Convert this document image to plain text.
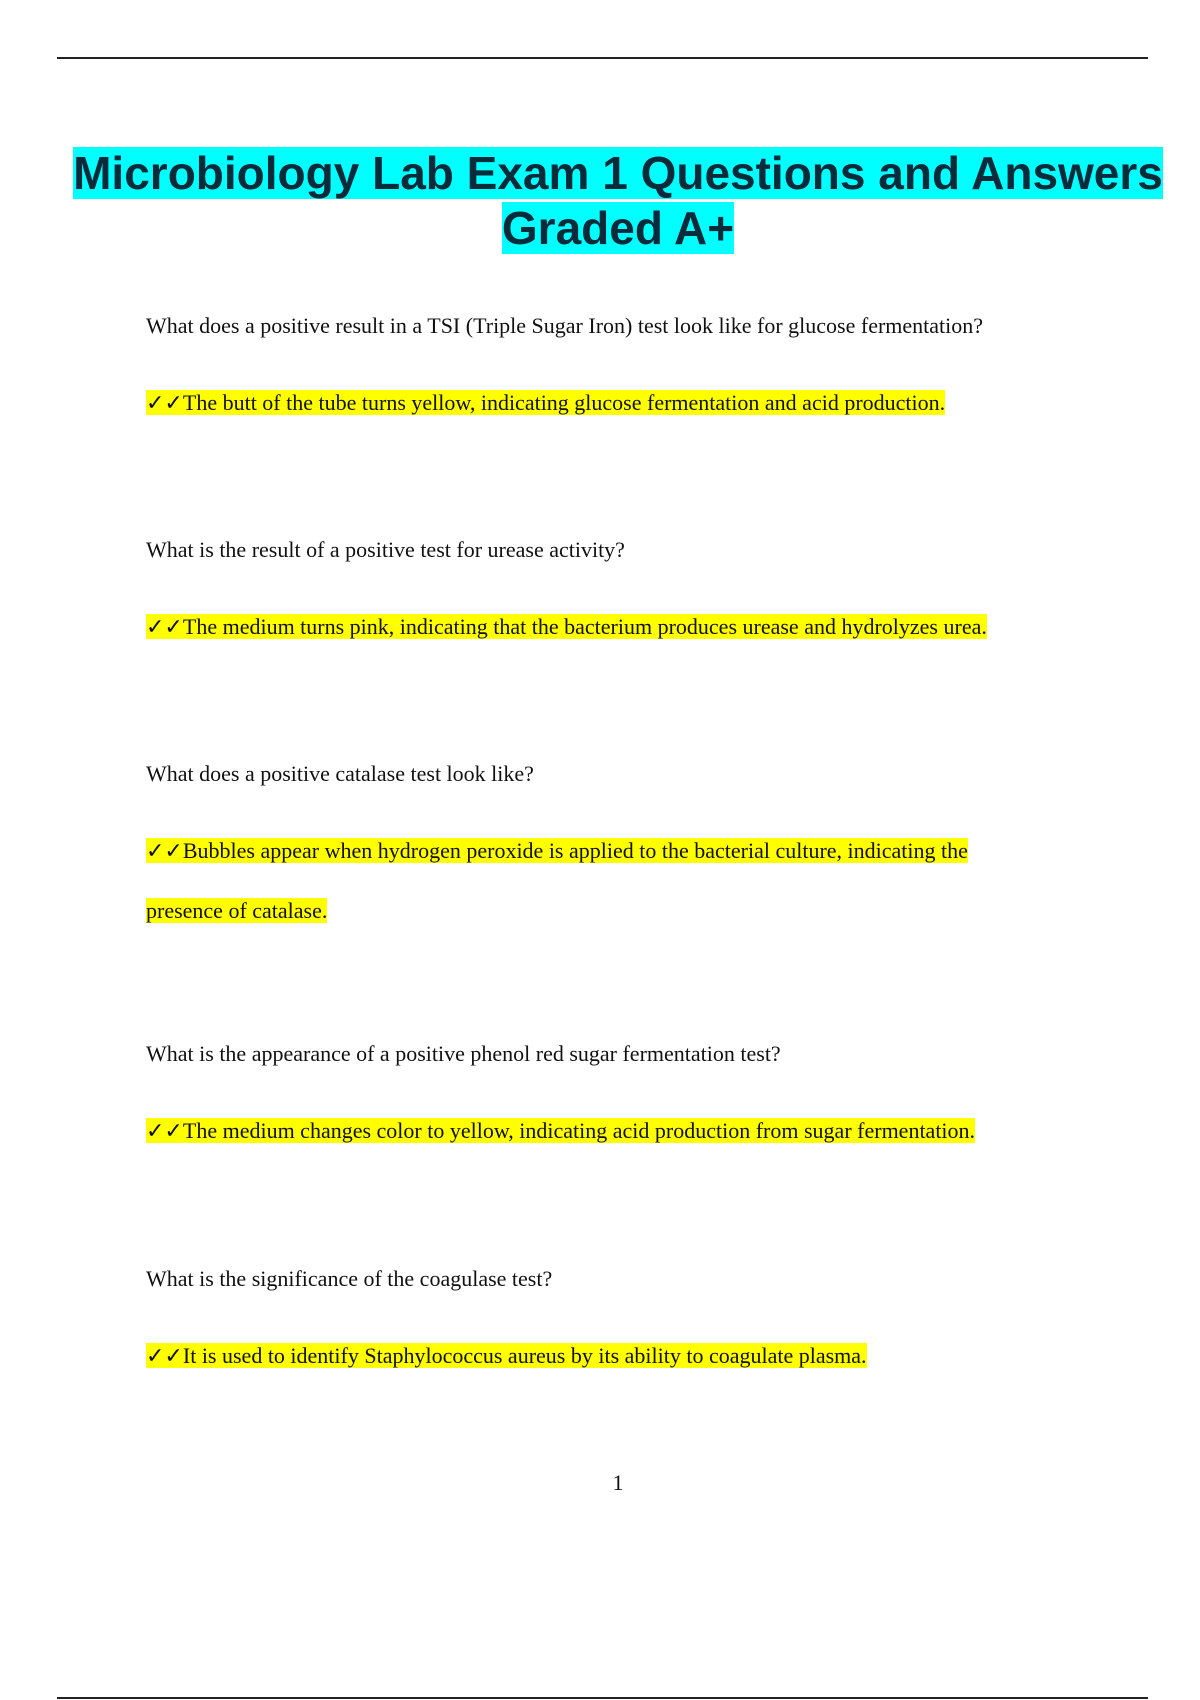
Microbiology Lab Exam 1 Questions and Answers Graded A+
What does a positive result in a TSI (Triple Sugar Iron) test look like for glucose fermentation?
✓✓The butt of the tube turns yellow, indicating glucose fermentation and acid production.
What is the result of a positive test for urease activity?
✓✓The medium turns pink, indicating that the bacterium produces urease and hydrolyzes urea.
What does a positive catalase test look like?
✓✓Bubbles appear when hydrogen peroxide is applied to the bacterial culture, indicating the presence of catalase.
What is the appearance of a positive phenol red sugar fermentation test?
✓✓The medium changes color to yellow, indicating acid production from sugar fermentation.
What is the significance of the coagulase test?
✓✓It is used to identify Staphylococcus aureus by its ability to coagulate plasma.
1
